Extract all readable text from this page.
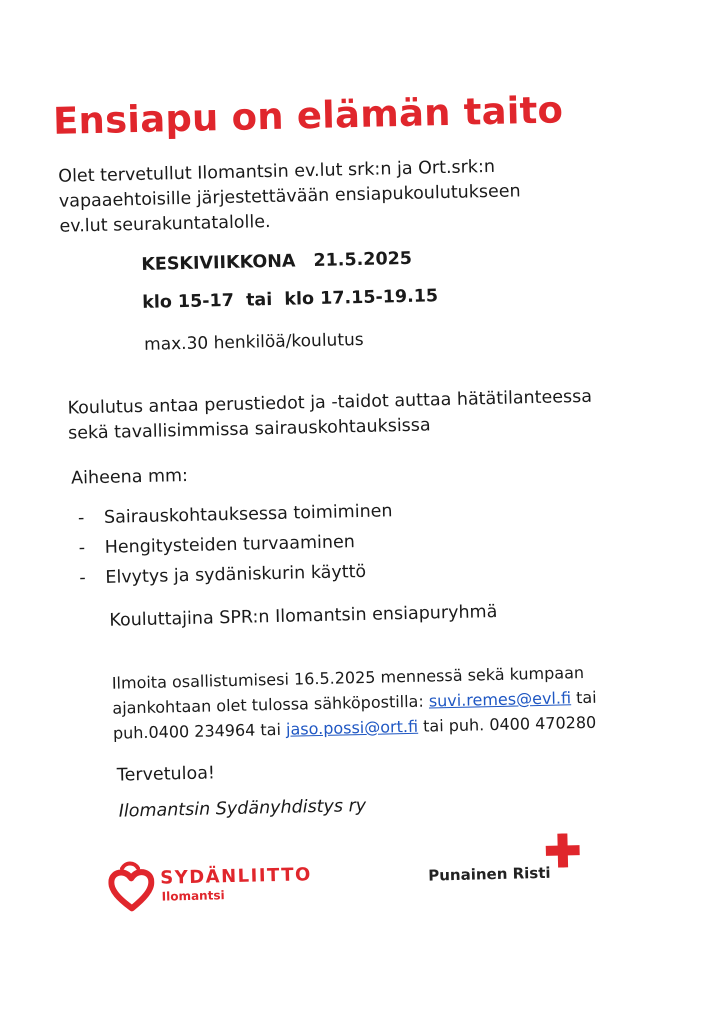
Ensiapu on elämän taito
Olet tervetullut Ilomantsin ev.lut srk:n ja Ort.srk:n
vapaaehtoisille järjestettävään ensiapukoulutukseen
ev.lut seurakuntatalolle.
KESKIVIIKKONA 21.5.2025
klo 15-17  tai  klo 17.15-19.15
max.30 henkilöä/koulutus
Koulutus antaa perustiedot ja -taidot auttaa hätätilanteessa
sekä tavallisimmissa sairauskohtauksissa
Aiheena mm:
- Sairauskohtauksessa toimiminen
- Hengitysteiden turvaaminen
- Elvytys ja sydäniskurin käyttö
Kouluttajina SPR:n Ilomantsin ensiapuryhmä
Ilmoita osallistumisesi 16.5.2025 mennessä sekä kumpaan
ajankohtaan olet tulossa sähköpostilla: suvi.remes@evl.fi tai
puh.0400 234964 tai jaso.possi@ort.fi tai puh. 0400 470280
Tervetuloa!
Ilomantsin Sydänyhdistys ry
SYDÄNLIITTO
Ilomantsi
Punainen Risti
